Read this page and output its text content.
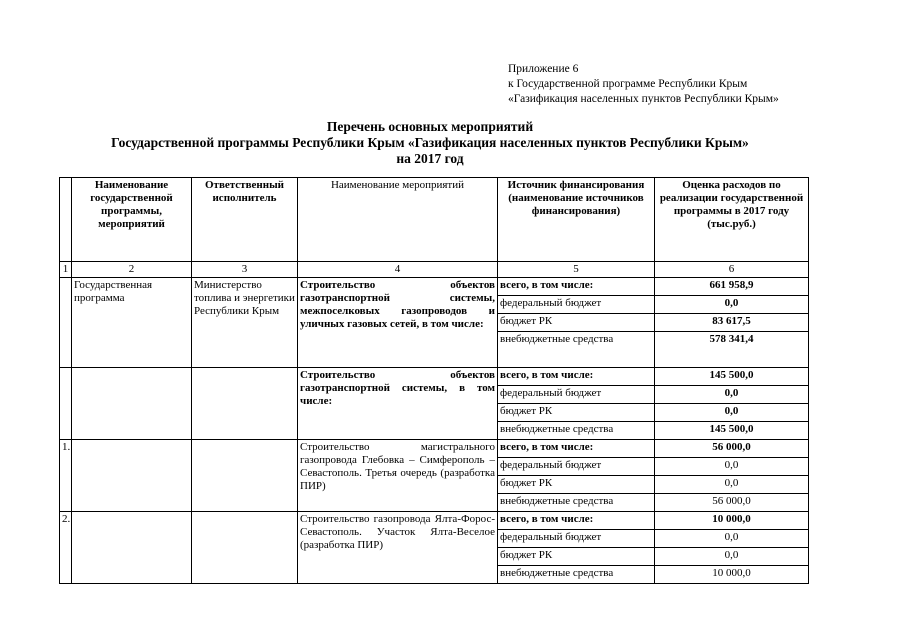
Приложение 6
к Государственной программе Республики Крым
«Газификация населенных пунктов Республики Крым»
Перечень основных мероприятий
Государственной программы Республики Крым «Газификация населенных пунктов Республики Крым»
на 2017 год
	Наименование государственной программы, мероприятий	Ответственный исполнитель	Наименование мероприятий	Источник финансирования (наименование источников финансирования)	Оценка расходов по реализации государственной программы в 2017 году (тыс.руб.)
1	2	3	4	5	6
	Государственная программа	Министерство топлива и энергетики Республики Крым	Строительство объектов газотранспортной системы, межпоселковых газопроводов и уличных газовых сетей, в том числе:	всего, в том числе:	661 958,9
				федеральный бюджет	0,0
				бюджет РК	83 617,5
				внебюджетные средства	578 341,4

			Строительство объектов газотранспортной системы, в том числе:	всего, в том числе:	145 500,0
				федеральный бюджет	0,0
				бюджет РК	0,0
				внебюджетные средства	145 500,0
1.			Строительство магистрального газопровода Глебовка – Симферополь – Севастополь. Третья очередь (разработка ПИР)	всего, в том числе:	56 000,0
				федеральный бюджет	0,0
				бюджет РК	0,0
				внебюджетные средства	56 000,0
2.			Строительство газопровода Ялта-Форос-Севастополь. Участок Ялта-Веселое (разработка ПИР)	всего, в том числе:	10 000,0
				федеральный бюджет	0,0
				бюджет РК	0,0
				внебюджетные средства	10 000,0
